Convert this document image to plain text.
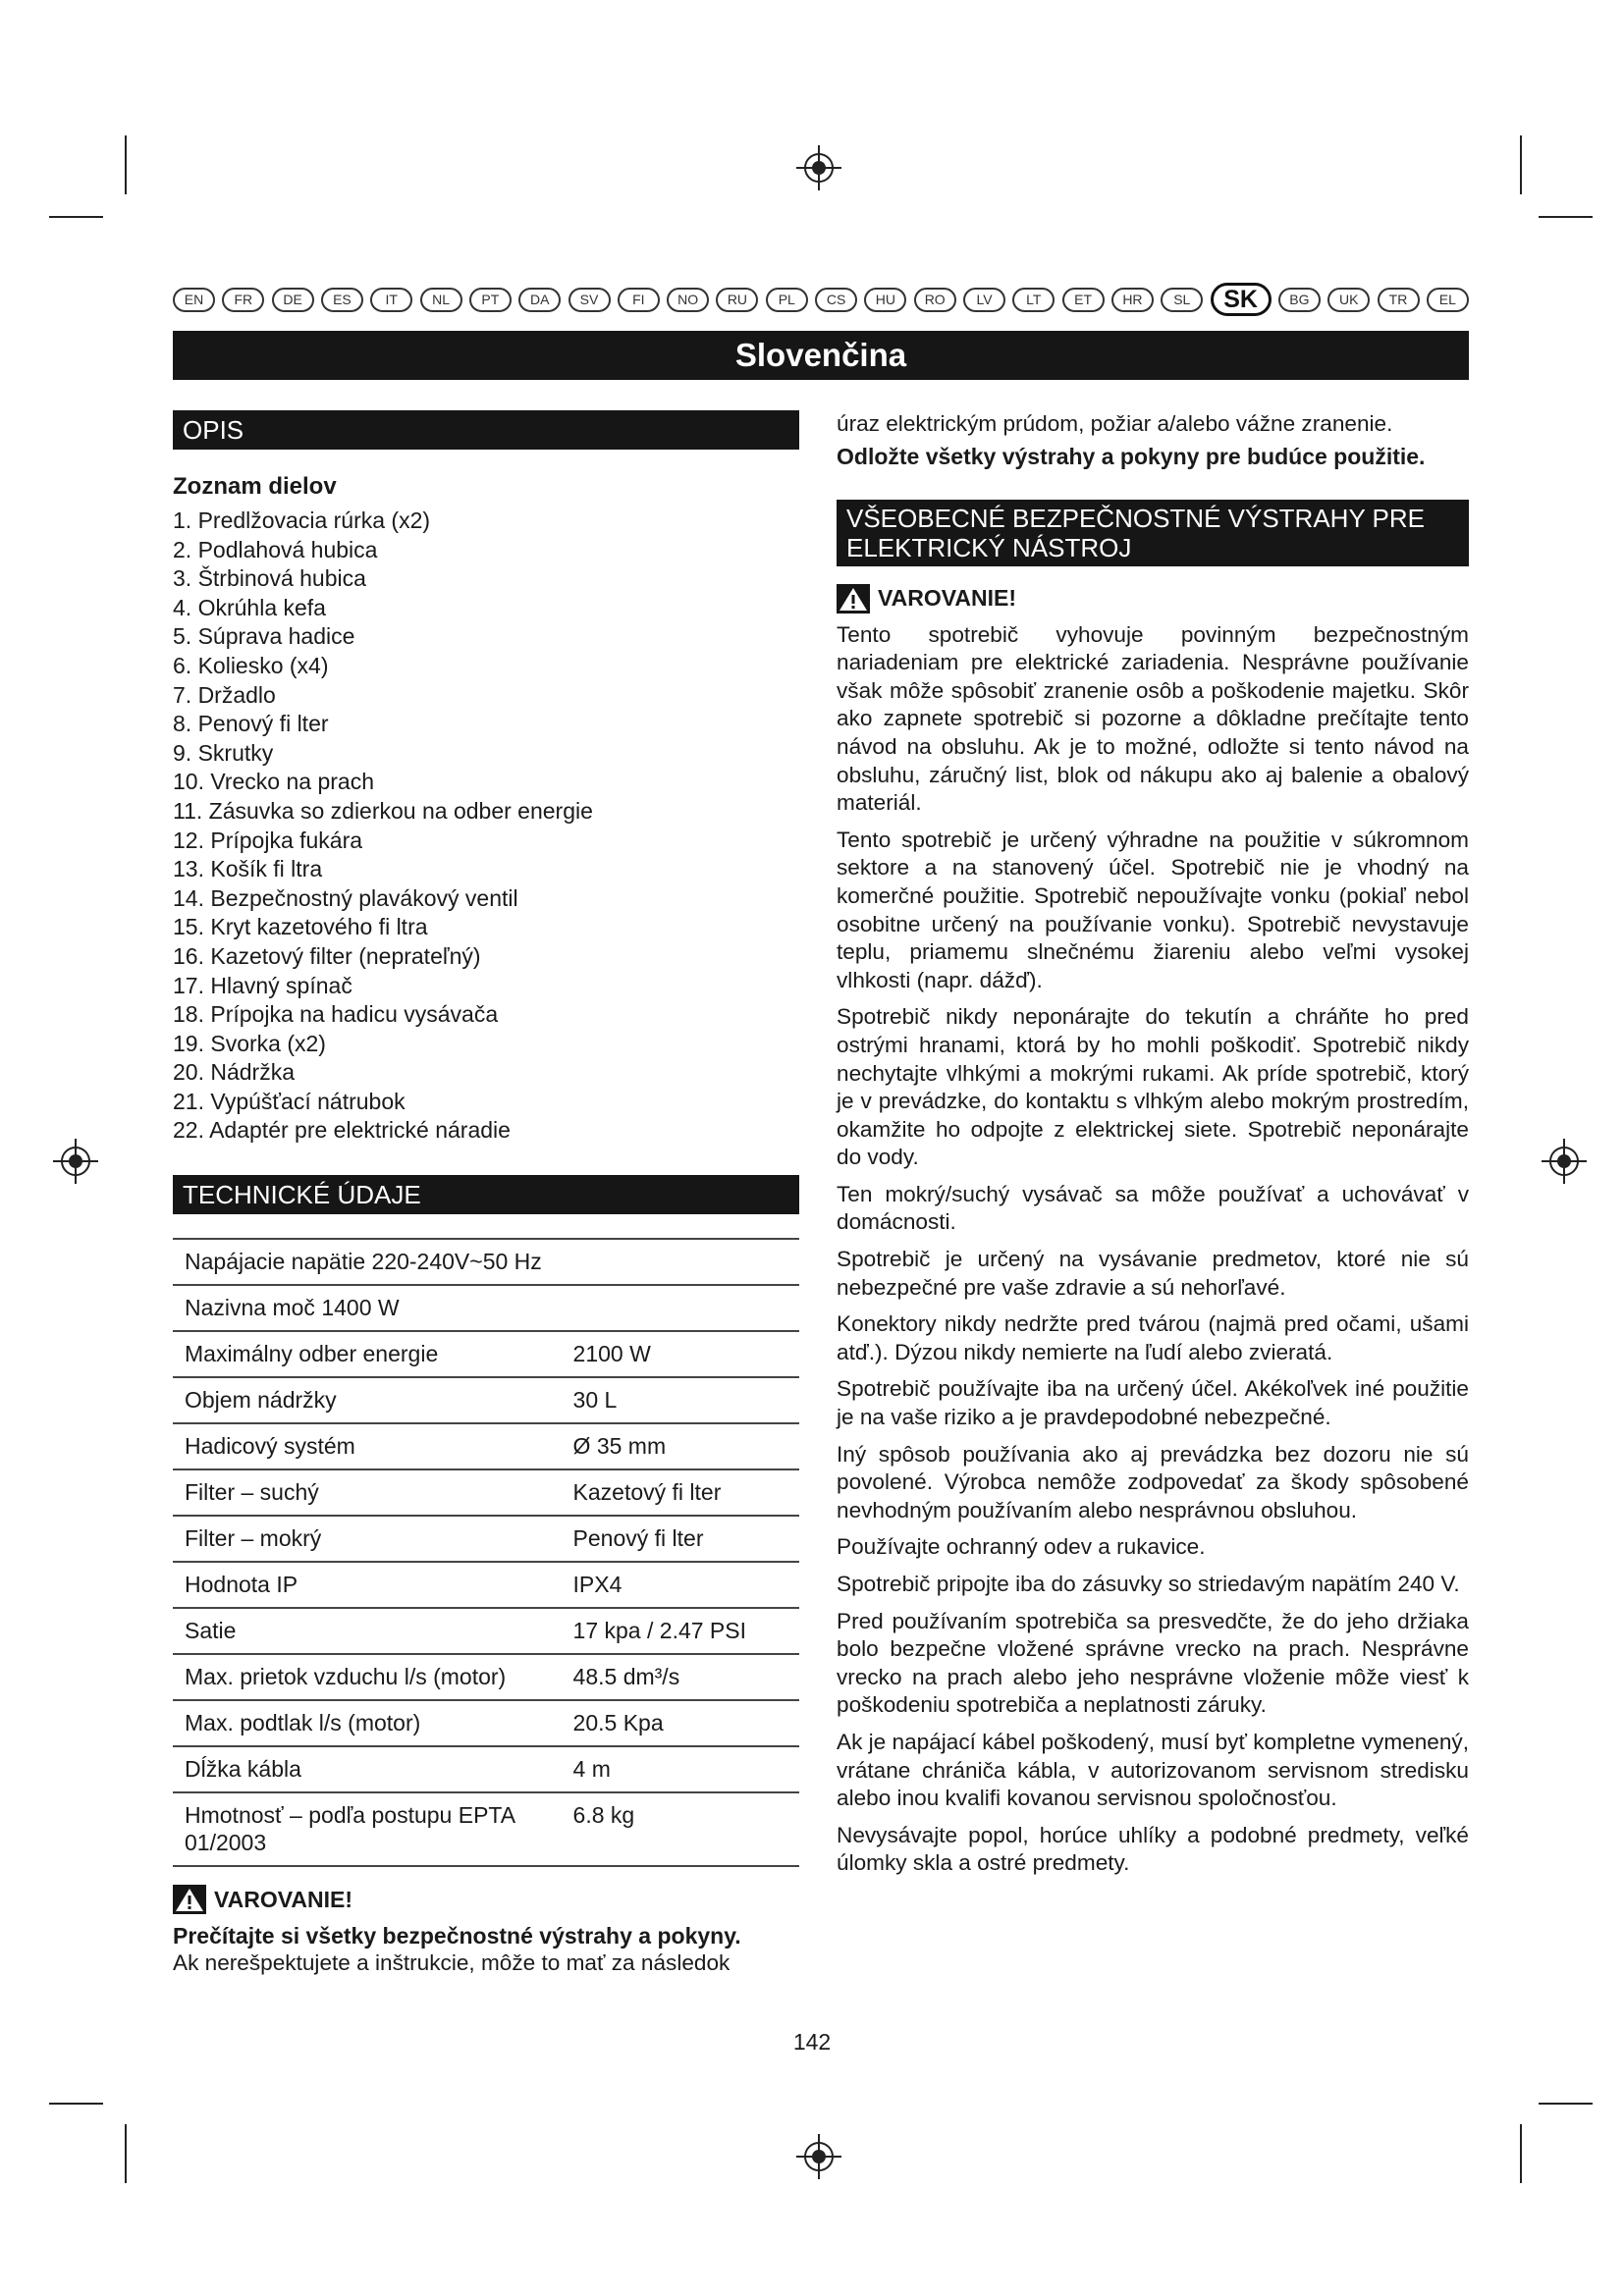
EN	FR	DE	ES	IT	NL	PT	DA	SV	FI	NO	RU	PL	CS	HU	RO	LV	LT	ET	HR	SL	SK	BG	UK	TR	EL
Slovenčina
OPIS
Zoznam dielov
1. Predlžovacia rúrka (x2)
2. Podlahová hubica
3. Štrbinová hubica
4. Okrúhla kefa
5. Súprava hadice
6. Koliesko (x4)
7. Držadlo
8. Penový fi lter
9. Skrutky
10. Vrecko na prach
11. Zásuvka so zdierkou na odber energie
12. Prípojka fukára
13. Košík fi ltra
14. Bezpečnostný plavákový ventil
15. Kryt kazetového fi ltra
16. Kazetový filter (nepratеľný)
17. Hlavný spínač
18. Prípojka na hadicu vysávača
19. Svorka (x2)
20. Nádržka
21. Vypúšťací nátrubok
22. Adaptér pre elektrické náradie
TECHNICKÉ ÚDAJE
Napájacie napätie 220-240V~50 Hz	
Nazivna moč 1400 W	
Maximálny odber energie	2100 W
Objem nádržky	30 L
Hadicový systém	Ø 35 mm
Filter – suchý	Kazetový fi lter
Filter – mokrý	Penový fi lter
Hodnota IP	IPX4
Satie	17 kpa / 2.47 PSI
Max. prietok vzduchu l/s (motor)	48.5 dm³/s
Max. podtlak l/s (motor)	20.5 Kpa
Dĺžka kábla	4 m
Hmotnosť – podľa postupu EPTA 01/2003	6.8 kg
VAROVANIE!

Prečítajte si všetky bezpečnostné výstrahy a pokyny.

Ak nerešpektujete a inštrukcie, môže to mať za následok

úraz elektrickým prúdom, požiar a/alebo vážne zranenie.

Odložte všetky výstrahy a pokyny pre budúce použitie.

VŠEOBECNÉ BEZPEČNOSTNÉ VÝSTRAHY PRE ELEKTRICKÝ NÁSTROJ
VAROVANIE!

Tento spotrebič vyhovuje povinným bezpečnostným nariadeniam pre elektrické zariadenia. Nesprávne používanie však môže spôsobiť zranenie osôb a poškodenie majetku. Skôr ako zapnete spotrebič si pozorne a dôkladne prečítajte tento návod na obsluhu. Ak je to možné, odložte si tento návod na obsluhu, záručný list, blok od nákupu ako aj balenie a obalový materiál.

Tento spotrebič je určený výhradne na použitie v súkromnom sektore a na stanovený účel. Spotrebič nie je vhodný na komerčné použitie. Spotrebič nepoužívajte vonku (pokiaľ nebol osobitne určený na používanie vonku). Spotrebič nevystavuje teplu, priamemu slnečnému žiareniu alebo veľmi vysokej vlhkosti (napr. dážď).

Spotrebič nikdy neponárajte do tekutín a chráňte ho pred ostrými hranami, ktorá by ho mohli poškodiť. Spotrebič nikdy nechytajte vlhkými a mokrými rukami. Ak príde spotrebič, ktorý je v prevádzke, do kontaktu s vlhkým alebo mokrým prostredím, okamžite ho odpojte z elektrickej siete. Spotrebič neponárajte do vody.

Ten mokrý/suchý vysávač sa môže používať a uchovávať v domácnosti.

Spotrebič je určený na vysávanie predmetov, ktoré nie sú nebezpečné pre vaše zdravie a sú nehorľavé.

Konektory nikdy nedržte pred tvárou (najmä pred očami, ušami atď.). Dýzou nikdy nemierte na ľudí alebo zvieratá.

Spotrebič používajte iba na určený účel. Akékoľvek iné použitie je na vaše riziko a je pravdepodobné nebezpečné.

Iný spôsob používania ako aj prevádzka bez dozoru nie sú povolené. Výrobca nemôže zodpovedať za škody spôsobené nevhodným používaním alebo nesprávnou obsluhou.

Používajte ochranný odev a rukavice.

Spotrebič pripojte iba do zásuvky so striedavým napätím 240 V.

Pred používaním spotrebiča sa presvedčte, že do jeho držiaka bolo bezpečne vložené správne vrecko na prach. Nesprávne vrecko na prach alebo jeho nesprávne vloženie môže viesť k poškodeniu spotrebiča a neplatnosti záruky.

Ak je napájací kábel poškodený, musí byť kompletne vymenený, vrátane chrániča kábla, v autorizovanom servisnom stredisku alebo inou kvalifi kovanou servisnou spoločnosťou.

Nevysávajte popol, horúce uhlíky a podobné predmety, veľké úlomky skla a ostré predmety.

142
